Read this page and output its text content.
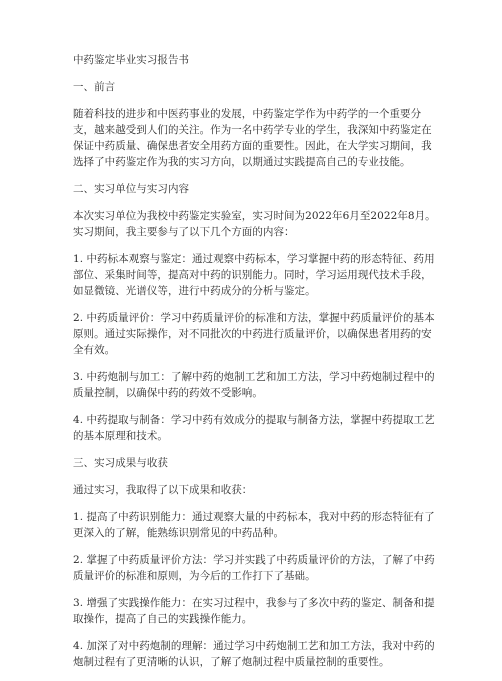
中药鉴定毕业实习报告书

一、前言

随着科技的进步和中医药事业的发展，中药鉴定学作为中药学的一个重要分支，越来越受到人们的关注。作为一名中药学专业的学生，我深知中药鉴定在保证中药质量、确保患者安全用药方面的重要性。因此，在大学实习期间，我选择了中药鉴定作为我的实习方向，以期通过实践提高自己的专业技能。

二、实习单位与实习内容

本次实习单位为我校中药鉴定实验室，实习时间为2022年6月至2022年8月。实习期间，我主要参与了以下几个方面的内容：

1. 中药标本观察与鉴定：通过观察中药标本，学习掌握中药的形态特征、药用部位、采集时间等，提高对中药的识别能力。同时，学习运用现代技术手段，如显微镜、光谱仪等，进行中药成分的分析与鉴定。

2. 中药质量评价：学习中药质量评价的标准和方法，掌握中药质量评价的基本原则。通过实际操作，对不同批次的中药进行质量评价，以确保患者用药的安全有效。

3. 中药炮制与加工：了解中药的炮制工艺和加工方法，学习中药炮制过程中的质量控制，以确保中药的药效不受影响。

4. 中药提取与制备：学习中药有效成分的提取与制备方法，掌握中药提取工艺的基本原理和技术。

三、实习成果与收获

通过实习，我取得了以下成果和收获：

1. 提高了中药识别能力：通过观察大量的中药标本，我对中药的形态特征有了更深入的了解，能熟练识别常见的中药品种。

2. 掌握了中药质量评价方法：学习并实践了中药质量评价的方法，了解了中药质量评价的标准和原则，为今后的工作打下了基础。

3. 增强了实践操作能力：在实习过程中，我参与了多次中药的鉴定、制备和提取操作，提高了自己的实践操作能力。

4. 加深了对中药炮制的理解：通过学习中药炮制工艺和加工方法，我对中药的炮制过程有了更清晰的认识，了解了炮制过程中质量控制的重要性。
